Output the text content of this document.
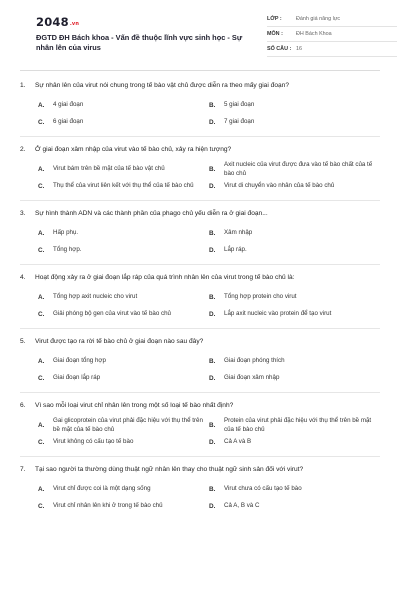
2048.vn
ĐGTD ĐH Bách khoa - Vấn đề thuộc lĩnh vực sinh học - Sự nhân lên của virus
LỚP :	Đánh giá năng lực
MÔN :	ĐH Bách Khoa
SỐ CÂU : 16
1.	Sự nhân lên của virut nói chung trong tế bào vật chủ được diễn ra theo mấy giai đoạn?
A.	4 giai đoạn	B.	5 giai đoạn
C.	6 giai đoạn	D.	7 giai đoạn
2.	Ở giai đoạn xâm nhập của virut vào tế bào chủ, xảy ra hiện tượng?
A.	Virut bám trên bề mặt của tế bào vật chủ	B.
Axit nucleic của virut được đưa vào tế bào chất của tế bào chủ
C.	Thụ thể của virut liên kết với thụ thể của tế bào chủ D.	Virut di chuyển vào nhân của tế bào chủ
3.	Sự hình thành ADN và các thành phần của phago chủ yếu diễn ra ở giai đoạn...
A.	Hấp phụ.	B.	Xâm nhập
C.	Tổng hợp.	D.	Lắp ráp.
4.	Hoạt động xảy ra ở giai đoạn lắp ráp của quá trình nhân lên của virut trong tế bào chủ là:
A.	Tổng hợp axit nucleic cho virut	B.	Tổng hợp protein cho virut
C.	Giải phóng bộ gen của virut vào tế bào chủ	D.	Lắp axit nucleic vào protein để tạo virut
5.	Virut được tạo ra rời tế bào chủ ở giai đoạn nào sau đây?
A.	Giai đoạn tổng hợp	B.	Giai đoạn phóng thích
C.	Giai đoạn lắp ráp	D.	Giai đoạn xâm nhập
6.	Vì sao mỗi loại virut chỉ nhân lên trong một số loại tế bào nhất định?
A.
Gai glicoprotein của virut phải đặc hiệu với thụ thể trên bề mặt của tế bào chủ	B.
Protein của virut phải đặc hiệu với thụ thể trên bề mặt của tế bào chủ
C.	Virut không có cấu tạo tế bào	D.	Cả A và B
7.	Tại sao người ta thường dùng thuật ngữ nhân lên thay cho thuật ngữ sinh sản đối với virut?
A.	Virut chỉ được coi là một dạng sống	B.	Virut chưa có cấu tạo tế bào
C.	Virut chỉ nhân lên khi ở trong tế bào chủ	D.	Cả A, B và C
